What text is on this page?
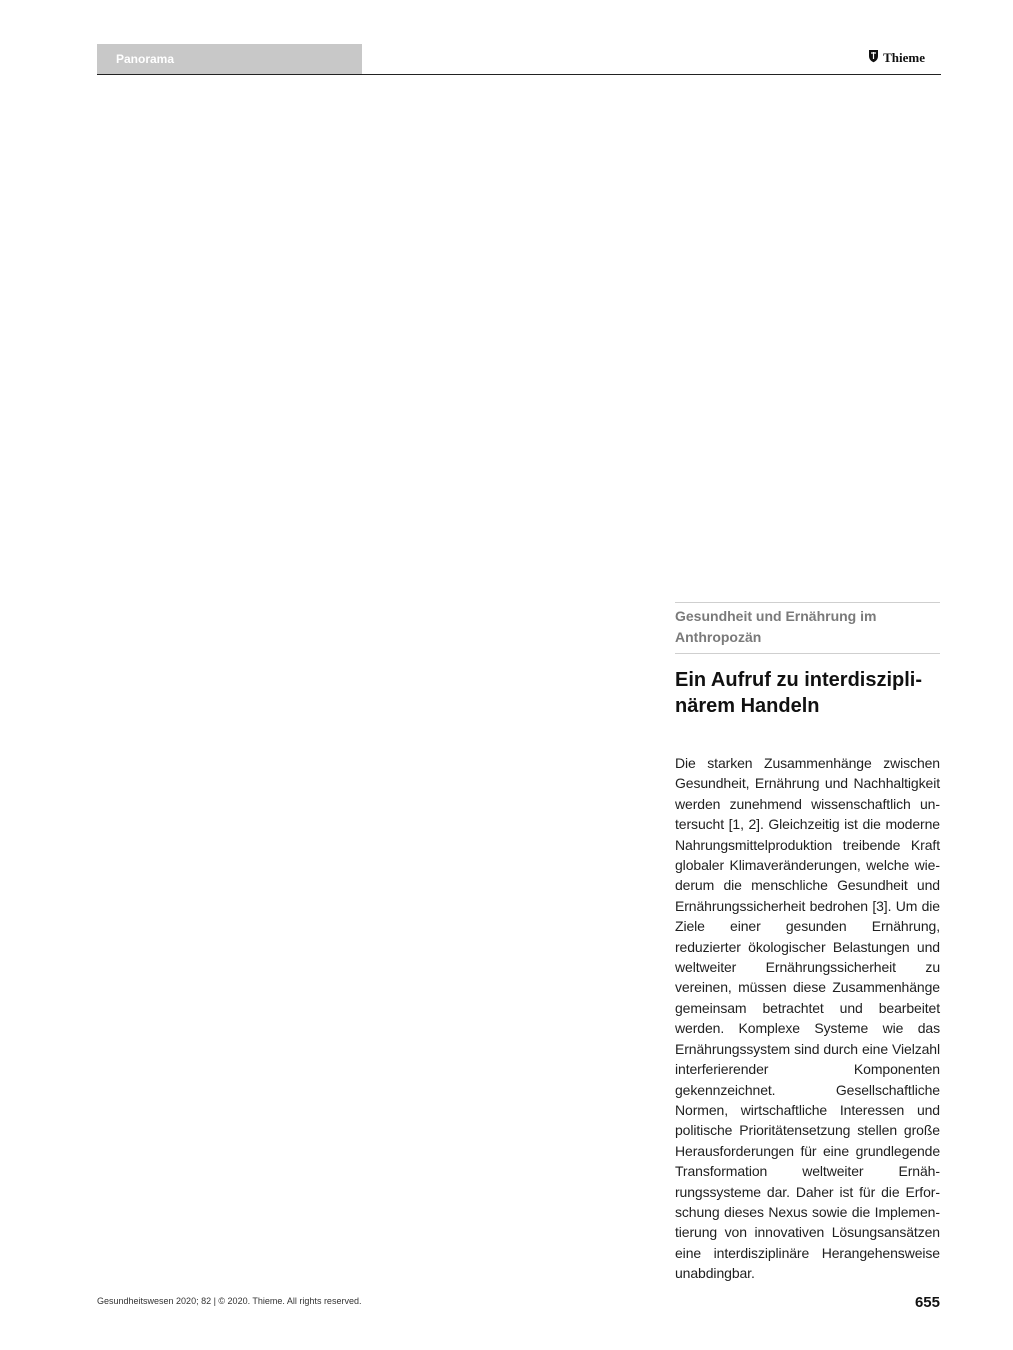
Panorama	Thieme

Gesundheit und Ernährung im Anthropozän

Ein Aufruf zu interdisziplinärem Handeln

Die starken Zusammenhänge zwischen Gesundheit, Ernährung und Nachhaltigkeit werden zunehmend wissenschaftlich untersucht [1, 2]. Gleichzeitig ist die moderne Nahrungsmittelproduktion treibende Kraft globaler Klimaveränderungen, welche wiederum die menschliche Gesundheit und Ernährungssicherheit bedrohen [3]. Um die Ziele einer gesunden Ernährung, reduzierter ökologischer Belastungen und weltweiter Ernährungssicherheit zu vereinen, müssen diese Zusammenhänge gemeinsam betrachtet und bearbeitet werden. Komplexe Systeme wie das Ernährungssystem sind durch eine Vielzahl interferierender Komponenten gekennzeichnet. Gesellschaftliche Normen, wirtschaftliche Interessen und politische Prioritätensetzung stellen große Herausforderungen für eine grundlegende Transformation weltweiter Ernährungssysteme dar. Daher ist für die Erforschung dieses Nexus sowie die Implementierung von innovativen Lösungsansätzen eine interdisziplinäre Herangehensweise unabdingbar.

Gesundheitswesen 2020; 82 | © 2020. Thieme. All rights reserved.	655
